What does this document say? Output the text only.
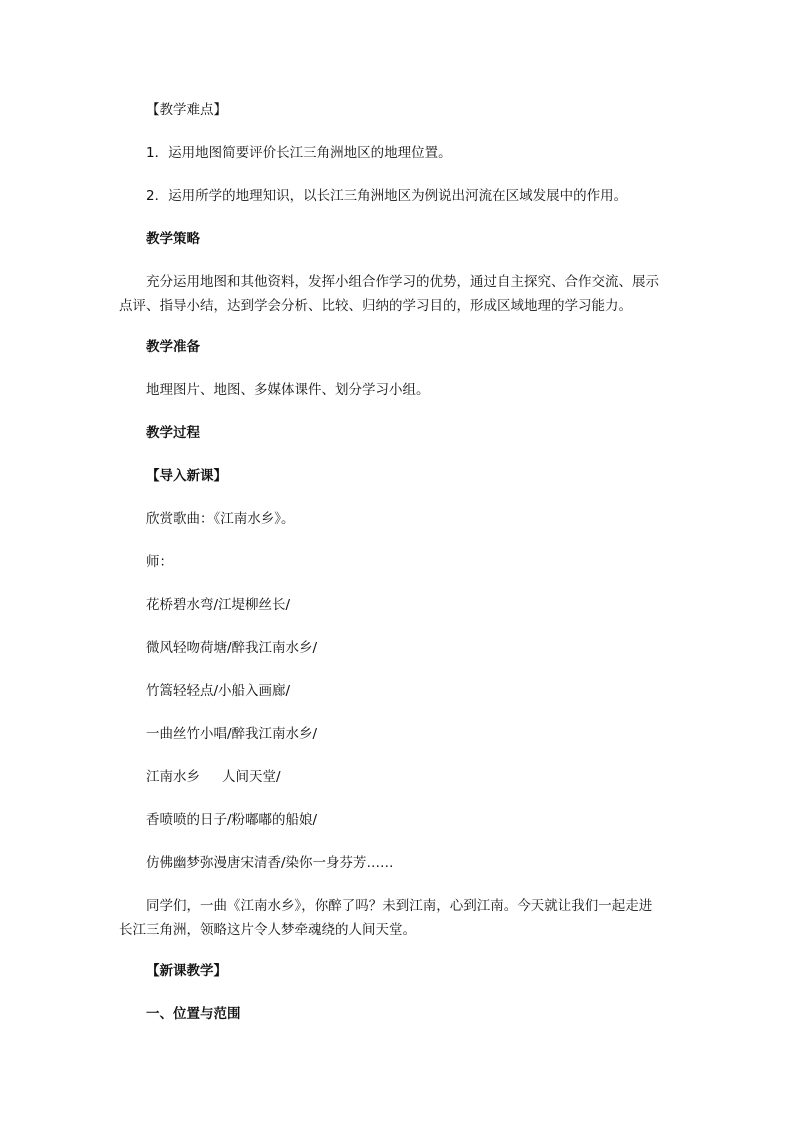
【教学难点】

1．运用地图简要评价长江三角洲地区的地理位置。

2．运用所学的地理知识，以长江三角洲地区为例说出河流在区域发展中的作用。

教学策略

充分运用地图和其他资料，发挥小组合作学习的优势，通过自主探究、合作交流、展示点评、指导小结，达到学会分析、比较、归纳的学习目的，形成区域地理的学习能力。

教学准备

地理图片、地图、多媒体课件、划分学习小组。

教学过程

【导入新课】

欣赏歌曲：《江南水乡》。

师：

花桥碧水弯/江堤柳丝长/

微风轻吻荷塘/醉我江南水乡/

竹篙轻轻点/小船入画廊/

一曲丝竹小唱/醉我江南水乡/

江南水乡 人间天堂/

香喷喷的日子/粉嘟嘟的船娘/

仿佛幽梦弥漫唐宋清香/染你一身芬芳……

同学们，一曲《江南水乡》，你醉了吗？未到江南，心到江南。今天就让我们一起走进长江三角洲，领略这片令人梦牵魂绕的人间天堂。

【新课教学】

一、位置与范围
